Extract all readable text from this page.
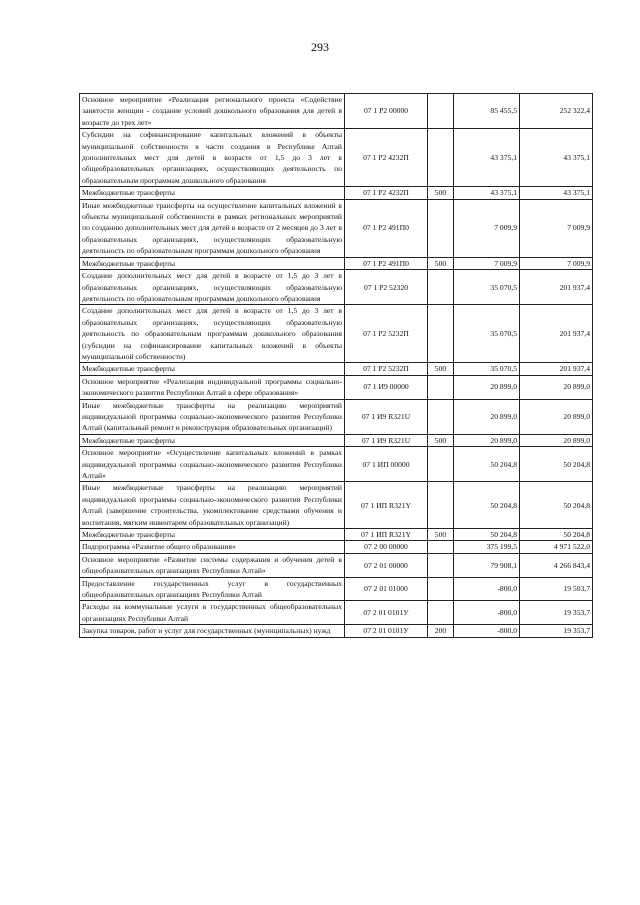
293
Основное мероприятие «Реализация регионального проекта «Содействие занятости женщин - создание условий дошкольного образования для детей в возрасте до трех лет»	07 1 P2 00000		85 455,5	252 322,4
Субсидии на софинансирование капитальных вложений в объекты муниципальной собственности в части создания в Республике Алтай дополнительных мест для детей в возрасте от 1,5 до 3 лет в общеобразовательных организациях, осуществляющих деятельность по образовательным программам дошкольного образования	07 1 P2 4232П		43 375,1	43 375,1
Межбюджетные трансферты	07 1 P2 4232П	500	43 375,1	43 375,1
Иные межбюджетные трансферты на осуществление капитальных вложений в объекты муниципальной собственности в рамках региональных мероприятий по созданию дополнительных мест для детей в возрасте от 2 месяцев до 3 лет в образовательных организациях, осуществляющих образовательную деятельность по образовательным программам дошкольного образования	07 1 P2 491П0		7 009,9	7 009,9
Межбюджетные трансферты	07 1 P2 491П0	500	7 009,9	7 009,9
Создание дополнительных мест для детей в возрасте от 1,5 до 3 лет в образовательных организациях, осуществляющих образовательную деятельность по образовательным программам дошкольного образования	07 1 P2 52320		35 070,5	201 937,4
Создание дополнительных мест для детей в возрасте от 1,5 до 3 лет в образовательных организациях, осуществляющих образовательную деятельность по образовательным программам дошкольного образования (субсидии на софинансирование капитальных вложений в объекты муниципальной собственности)	07 1 P2 5232П		35 070,5	201 937,4
Межбюджетные трансферты	07 1 P2 5232П	500	35 070,5	201 937,4
Основное мероприятие «Реализация индивидуальной программы социально-экономического развития Республики Алтай в сфере образования»	07 1 И9 00000		20 899,0	20 899,0
Иные межбюджетные трансферты на реализацию мероприятий индивидуальной программы социально-экономического развития Республики Алтай (капитальный ремонт и реконструкция образовательных организаций)	07 1 И9 R321U		20 899,0	20 899,0
Межбюджетные трансферты	07 1 И9 R321U	500	20 899,0	20 899,0
Основное мероприятие «Осуществление капитальных вложений в рамках индивидуальной программы социально-экономического развития Республики Алтай»	07 1 ИП 00000		50 204,8	50 204,8
Иные межбюджетные трансферты на реализацию мероприятий индивидуальной программы социально-экономического развития Республики Алтай (завершение строительства, укомплектование средствами обучения и воспитания, мягким инвентарем образовательных организаций)	07 1 ИП R321Y		50 204,8	50 204,8
Межбюджетные трансферты	07 1 ИП R321Y	500	50 204,8	50 204,8
Подпрограмма «Развитие общего образования»	07 2 00 00000		375 199,5	4 971 522,0
Основное мероприятие «Развитие системы содержания и обучения детей в общеобразовательных организациях Республики Алтай»	07 2 01 00000		79 908,1	4 266 843,4
Предоставление государственных услуг в государственных общеобразовательных организациях Республики Алтай	07 2 01 01000		-800,0	19 503,7
Расходы на коммунальные услуги в государственных общеобразовательных организациях Республики Алтай	07 2 01 0101У		-800,0	19 353,7
Закупка товаров, работ и услуг для государственных (муниципальных) нужд	07 2 01 0101У	200	-800,0	19 353,7
